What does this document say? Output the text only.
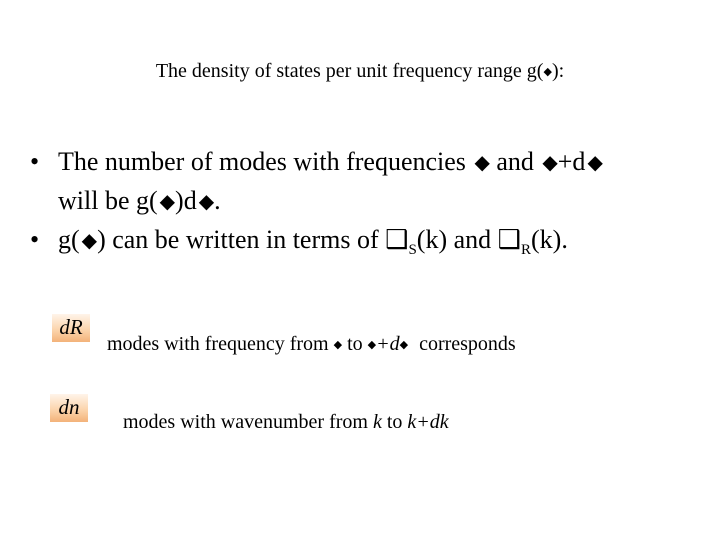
The density of states per unit frequency range g(◆):
• The number of modes with frequencies ◆ and ◆+d ◆
will be g( ◆)d ◆.
• g( ◆) can be written in terms of $❑_S(k)$ and $❑_R(k)$.
dR
modes with frequency from ◆ to ◆+d◆ corresponds
dn
modes with wavenumber from k to k+dk
